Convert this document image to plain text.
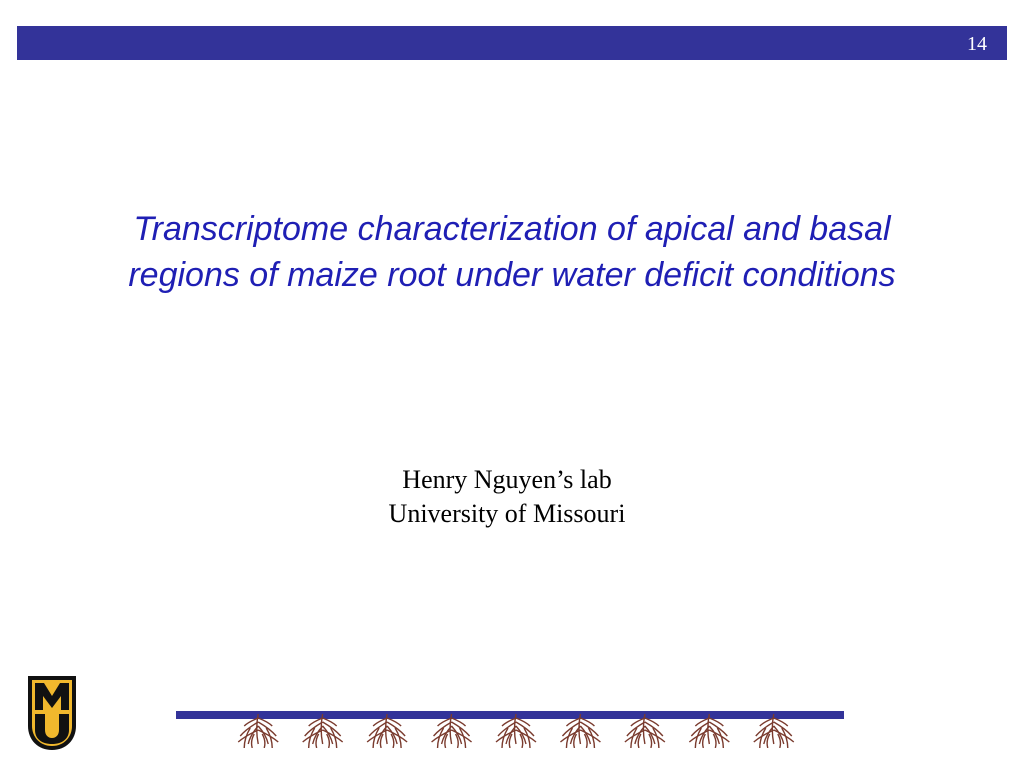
14
Transcriptome characterization of apical and basal
regions of maize root under water deficit conditions
Henry Nguyen’s lab
University of Missouri
